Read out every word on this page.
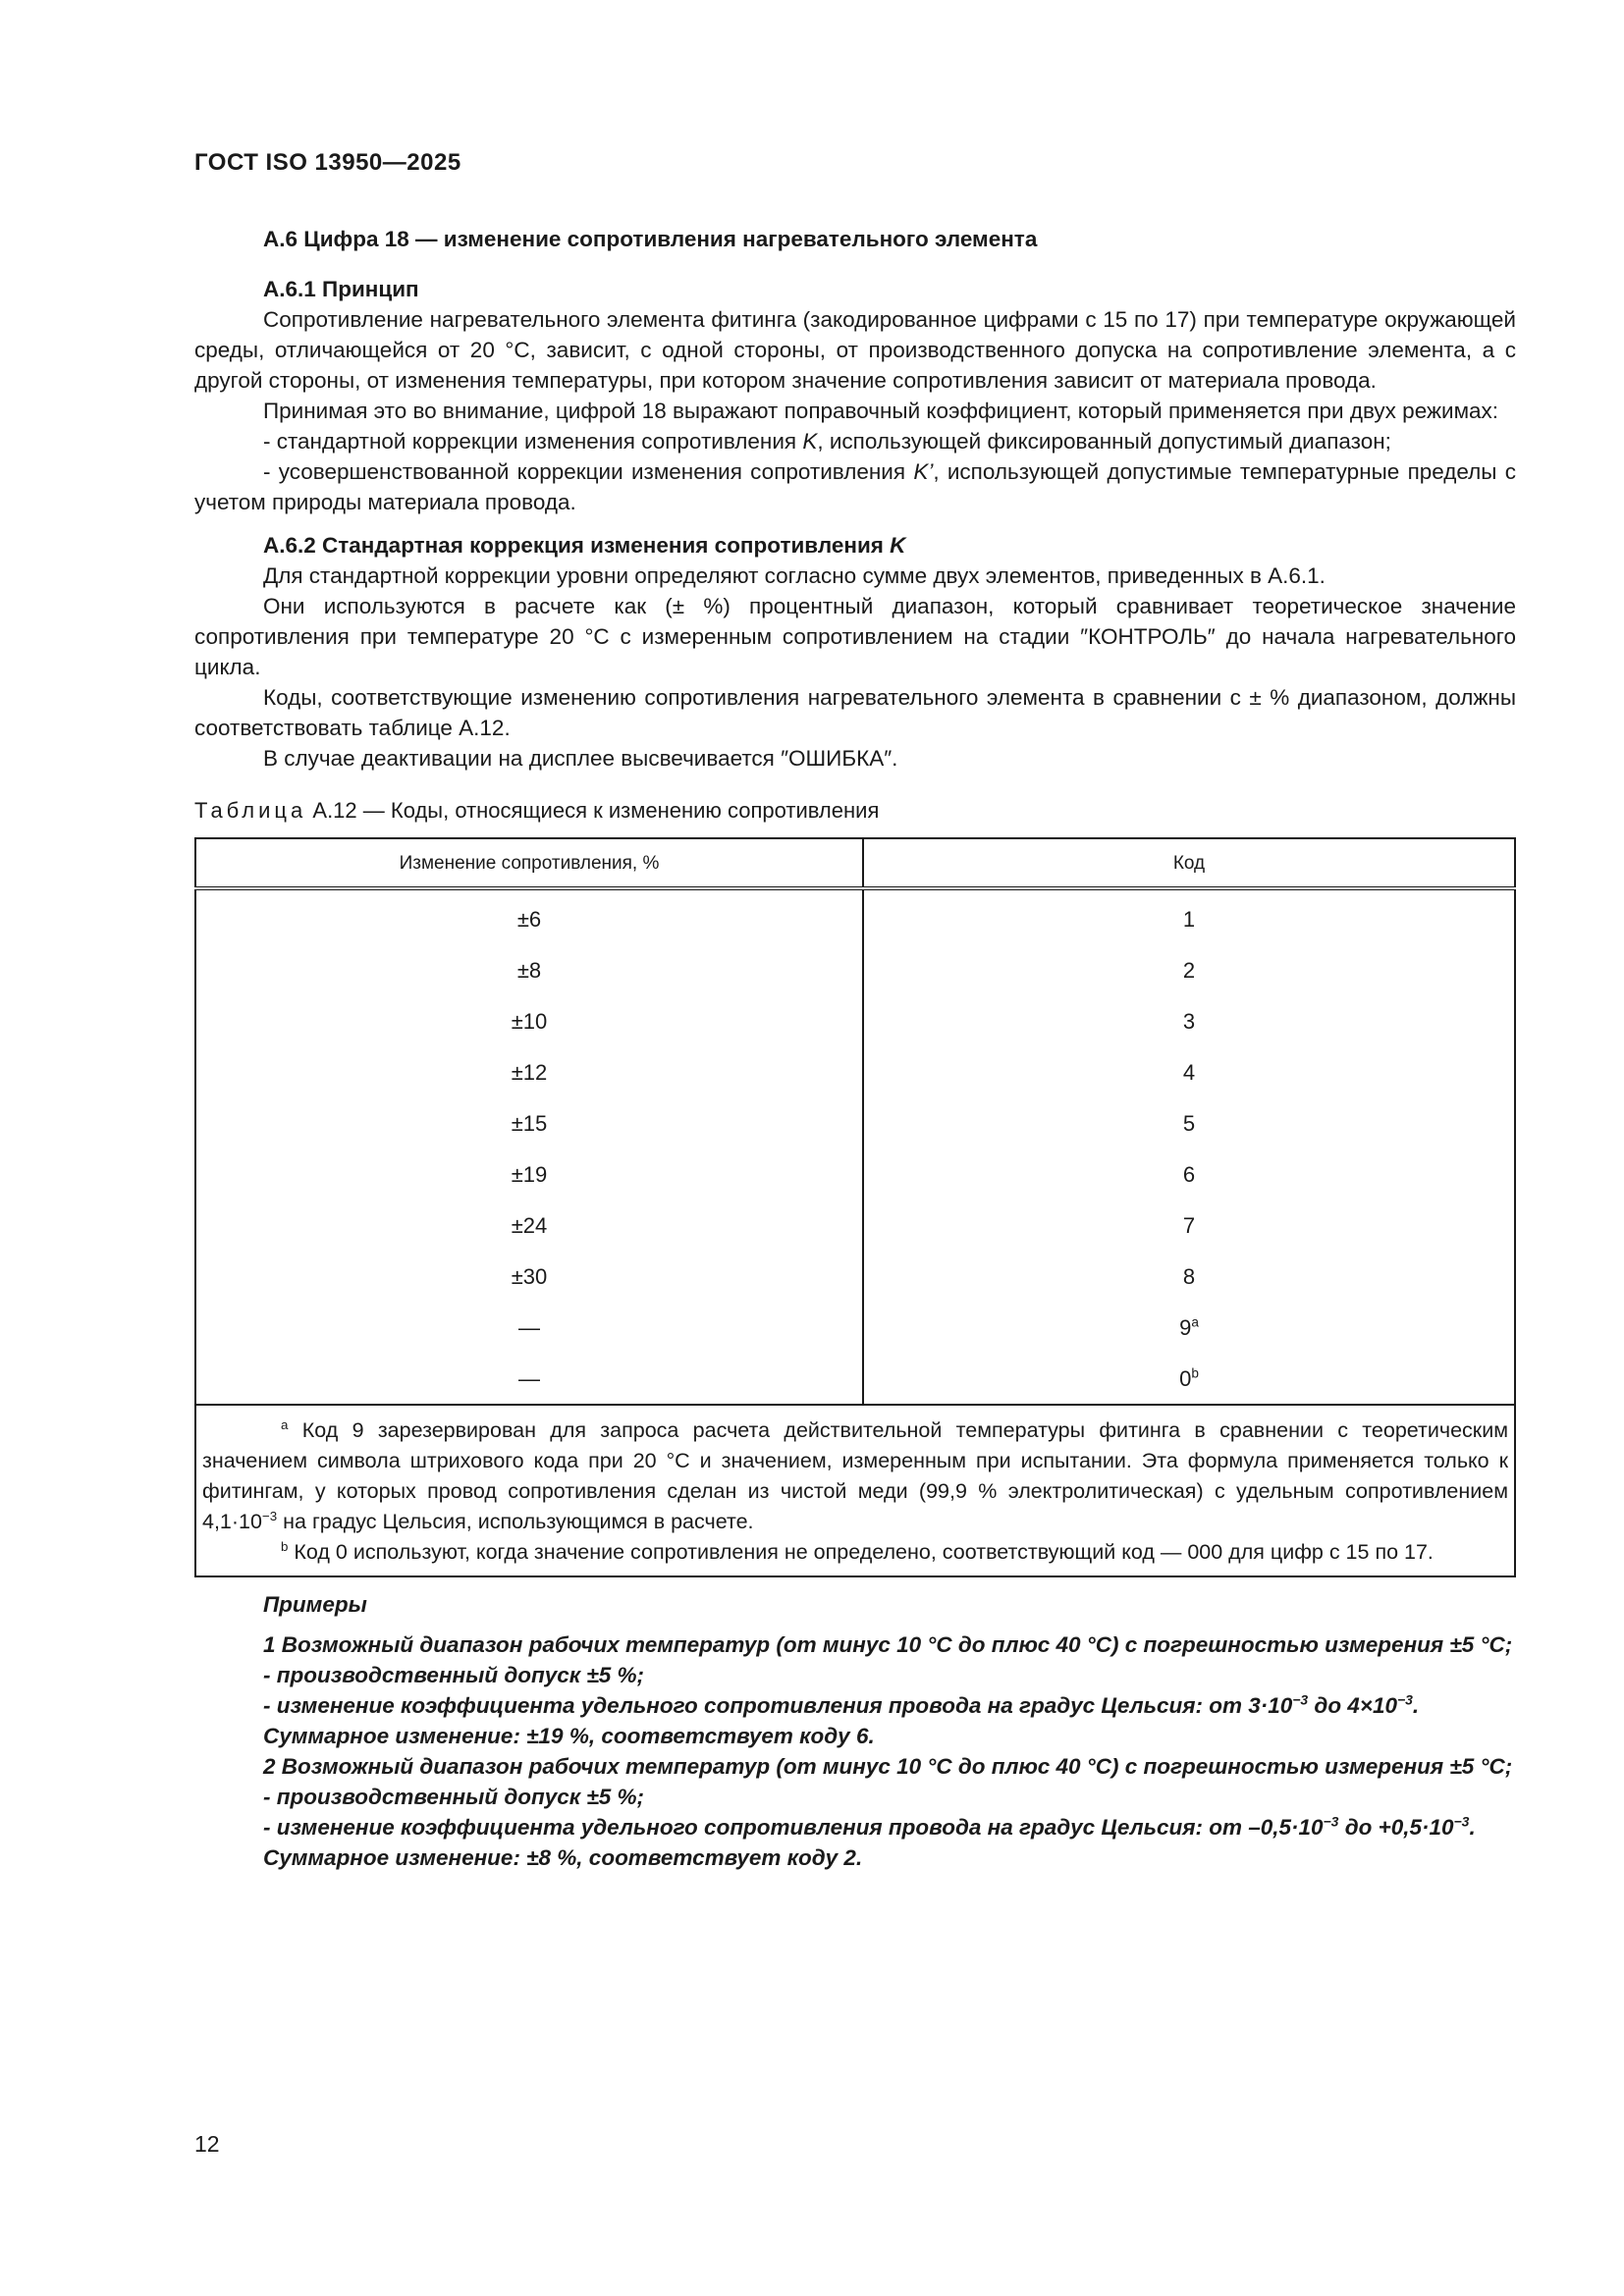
ГОСТ ISO 13950—2025

А.6 Цифра 18 — изменение сопротивления нагревательного элемента

А.6.1 Принцип

Сопротивление нагревательного элемента фитинга (закодированное цифрами с 15 по 17) при температуре окружающей среды, отличающейся от 20 °С, зависит, с одной стороны, от производственного допуска на сопротивление элемента, а с другой стороны, от изменения температуры, при котором значение сопротивления зависит от материала провода.

Принимая это во внимание, цифрой 18 выражают поправочный коэффициент, который применяется при двух режимах:

- стандартной коррекции изменения сопротивления K, использующей фиксированный допустимый диапазон;

- усовершенствованной коррекции изменения сопротивления K’, использующей допустимые температурные пределы с учетом природы материала провода.

А.6.2 Стандартная коррекция изменения сопротивления K

Для стандартной коррекции уровни определяют согласно сумме двух элементов, приведенных в А.6.1.

Они используются в расчете как (± %) процентный диапазон, который сравнивает теоретическое значение сопротивления при температуре 20 °С с измеренным сопротивлением на стадии ″КОНТРОЛЬ″ до начала нагревательного цикла.

Коды, соответствующие изменению сопротивления нагревательного элемента в сравнении с ± % диапазоном, должны соответствовать таблице А.12.

В случае деактивации на дисплее высвечивается ″ОШИБКА″.

Таблица А.12 — Коды, относящиеся к изменению сопротивления
Изменение сопротивления, %	Код
±6	1
±8	2
±10	3
±12	4
±15	5
±19	6
±24	7
±30	8
—	9$^a$
—	0$^b$

$^a$ Код 9 зарезервирован для запроса расчета действительной температуры фитинга в сравнении с теоретическим значением символа штрихового кода при 20 °С и значением, измеренным при испытании. Эта формула применяется только к фитингам, у которых провод сопротивления сделан из чистой меди (99,9 % электролитическая) с удельным сопротивлением $4,1\cdot 10^{-3}$ на градус Цельсия, использующимся в расчете.

$^b$ Код 0 используют, когда значение сопротивления не определено, соответствующий код — 000 для цифр с 15 по 17.	

Примеры

1 Возможный диапазон рабочих температур (от минус 10 °С до плюс 40 °С) с погрешностью измерения ±5 °С;

- производственный допуск ±5 %;

- изменение коэффициента удельного сопротивления провода на градус Цельсия: от $3\cdot 10^{-3}$ до $4\times 10^{-3}$.

Суммарное изменение: ±19 %, соответствует коду 6.

2 Возможный диапазон рабочих температур (от минус 10 °С до плюс 40 °С) с погрешностью измерения ±5 °С;

- производственный допуск ±5 %;

- изменение коэффициента удельного сопротивления провода на градус Цельсия: от $-0,5\cdot 10^{-3}$ до $+0,5\cdot 10^{-3}$.

Суммарное изменение: ±8 %, соответствует коду 2.

12
